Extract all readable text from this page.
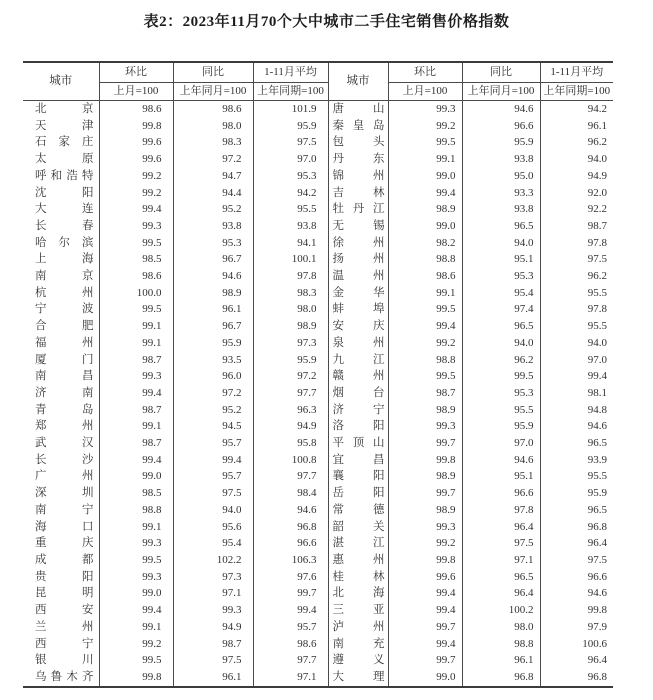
表2：2023年11月70个大中城市二手住宅销售价格指数
城市	环比	同比	1-11月平均	城市	环比	同比	1-11月平均
	上月=100	上年同月=100	上年同期=100		上月=100	上年同月=100	上年同期=100

北京	98.6	98.6	101.9	唐山	99.3	94.6	94.2

天津	99.8	98.0	95.9	秦皇岛	99.2	96.6	96.1

石家庄	99.6	98.3	97.5	包头	99.5	95.9	96.2

太原	99.6	97.2	97.0	丹东	99.1	93.8	94.0

呼和浩特	99.2	94.7	95.3	锦州	99.0	95.0	94.9

沈阳	99.2	94.4	94.2	吉林	99.4	93.3	92.0

大连	99.4	95.2	95.5	牡丹江	98.9	93.8	92.2

长春	99.3	93.8	93.8	无锡	99.0	96.5	98.7

哈尔滨	99.5	95.3	94.1	徐州	98.2	94.0	97.8

上海	98.5	96.7	100.1	扬州	98.8	95.1	97.5

南京	98.6	94.6	97.8	温州	98.6	95.3	96.2

杭州	100.0	98.9	98.3	金华	99.1	95.4	95.5

宁波	99.5	96.1	98.0	蚌埠	99.5	97.4	97.8

合肥	99.1	96.7	98.9	安庆	99.4	96.5	95.5

福州	99.1	95.9	97.3	泉州	99.2	94.0	94.0

厦门	98.7	93.5	95.9	九江	98.8	96.2	97.0

南昌	99.3	96.0	97.2	赣州	99.5	99.5	99.4

济南	99.4	97.2	97.7	烟台	98.7	95.3	98.1

青岛	98.7	95.2	96.3	济宁	98.9	95.5	94.8

郑州	99.1	94.5	94.9	洛阳	99.3	95.9	94.6

武汉	98.7	95.7	95.8	平顶山	99.7	97.0	96.5

长沙	99.4	99.4	100.8	宜昌	99.8	94.6	93.9

广州	99.0	95.7	97.7	襄阳	98.9	95.1	95.5

深圳	98.5	97.5	98.4	岳阳	99.7	96.6	95.9

南宁	98.8	94.0	94.6	常德	98.9	97.8	96.5

海口	99.1	95.6	96.8	韶关	99.3	96.4	96.8

重庆	99.3	95.4	96.6	湛江	99.2	97.5	96.4

成都	99.5	102.2	106.3	惠州	99.8	97.1	97.5

贵阳	99.3	97.3	97.6	桂林	99.6	96.5	96.6

昆明	99.0	97.1	99.7	北海	99.4	96.4	94.6

西安	99.4	99.3	99.4	三亚	99.4	100.2	99.8

兰州	99.1	94.9	95.7	泸州	99.7	98.0	97.9

西宁	99.2	98.7	98.6	南充	99.4	98.8	100.6

银川	99.5	97.5	97.7	遵义	99.7	96.1	96.4

乌鲁木齐	99.8	96.1	97.1	大理	99.0	96.8	96.8
